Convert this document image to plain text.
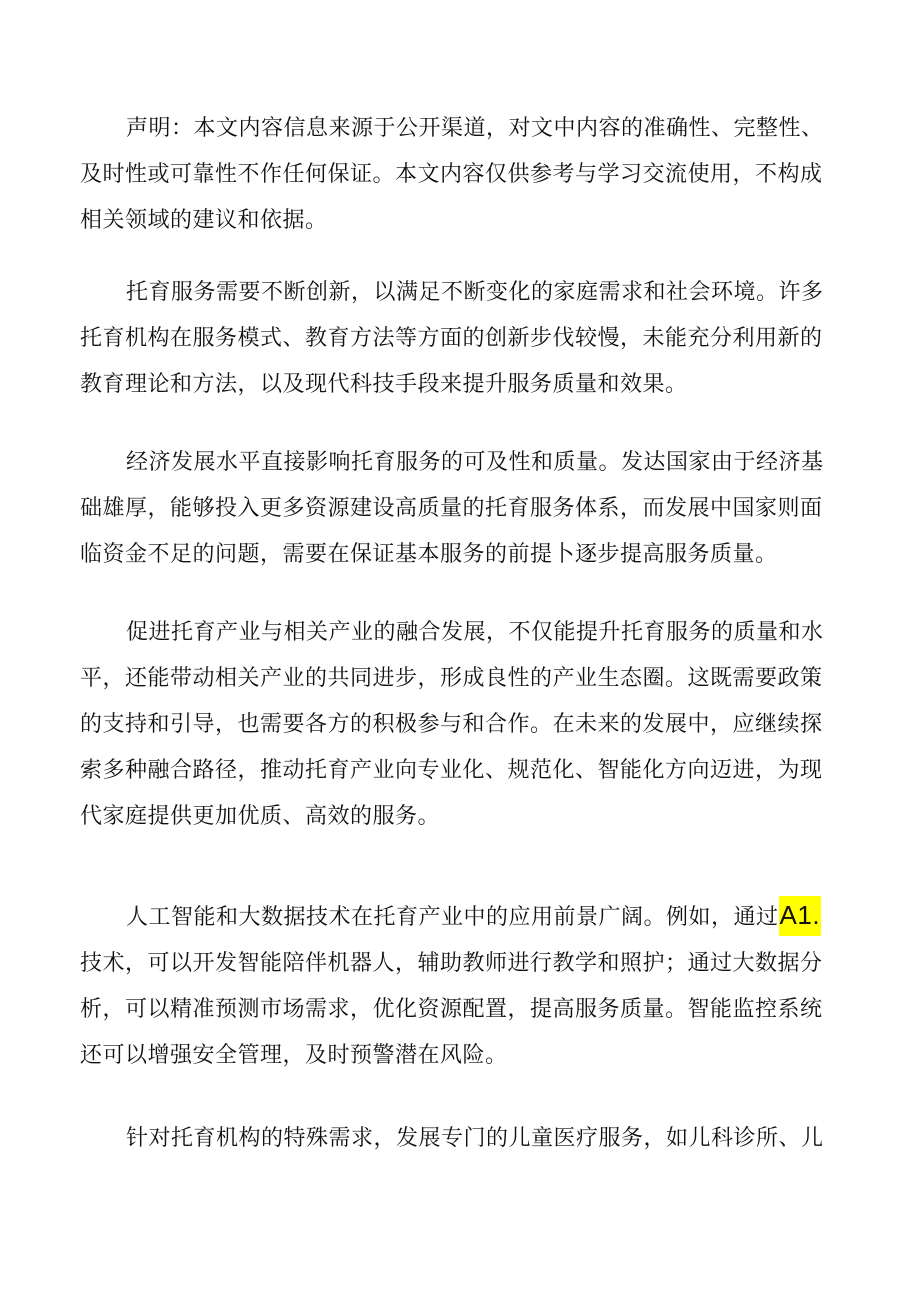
声明：本文内容信息来源于公开渠道，对文中内容的准确性、完整性、
及时性或可靠性不作任何保证。本文内容仅供参考与学习交流使用，不构成
相关领域的建议和依据。

托育服务需要不断创新，以满足不断变化的家庭需求和社会环境。许多
托育机构在服务模式、教育方法等方面的创新步伐较慢，未能充分利用新的
教育理论和方法，以及现代科技手段来提升服务质量和效果。

经济发展水平直接影响托育服务的可及性和质量。发达国家由于经济基
础雄厚，能够投入更多资源建设高质量的托育服务体系，而发展中国家则面
临资金不足的问题，需要在保证基本服务的前提卜逐步提高服务质量。

促进托育产业与相关产业的融合发展，不仅能提升托育服务的质量和水
平，还能带动相关产业的共同进步，形成良性的产业生态圈。这既需要政策
的支持和引导，也需要各方的积极参与和合作。在未来的发展中，应继续探
索多种融合路径，推动托育产业向专业化、规范化、智能化方向迈进，为现
代家庭提供更加优质、高效的服务。

人工智能和大数据技术在托育产业中的应用前景广阔。例如，通过A1.
技术，可以开发智能陪伴机器人，辅助教师进行教学和照护；通过大数据分
析，可以精准预测市场需求，优化资源配置，提高服务质量。智能监控系统
还可以增强安全管理，及时预警潜在风险。

针对托育机构的特殊需求，发展专门的儿童医疗服务，如儿科诊所、儿
